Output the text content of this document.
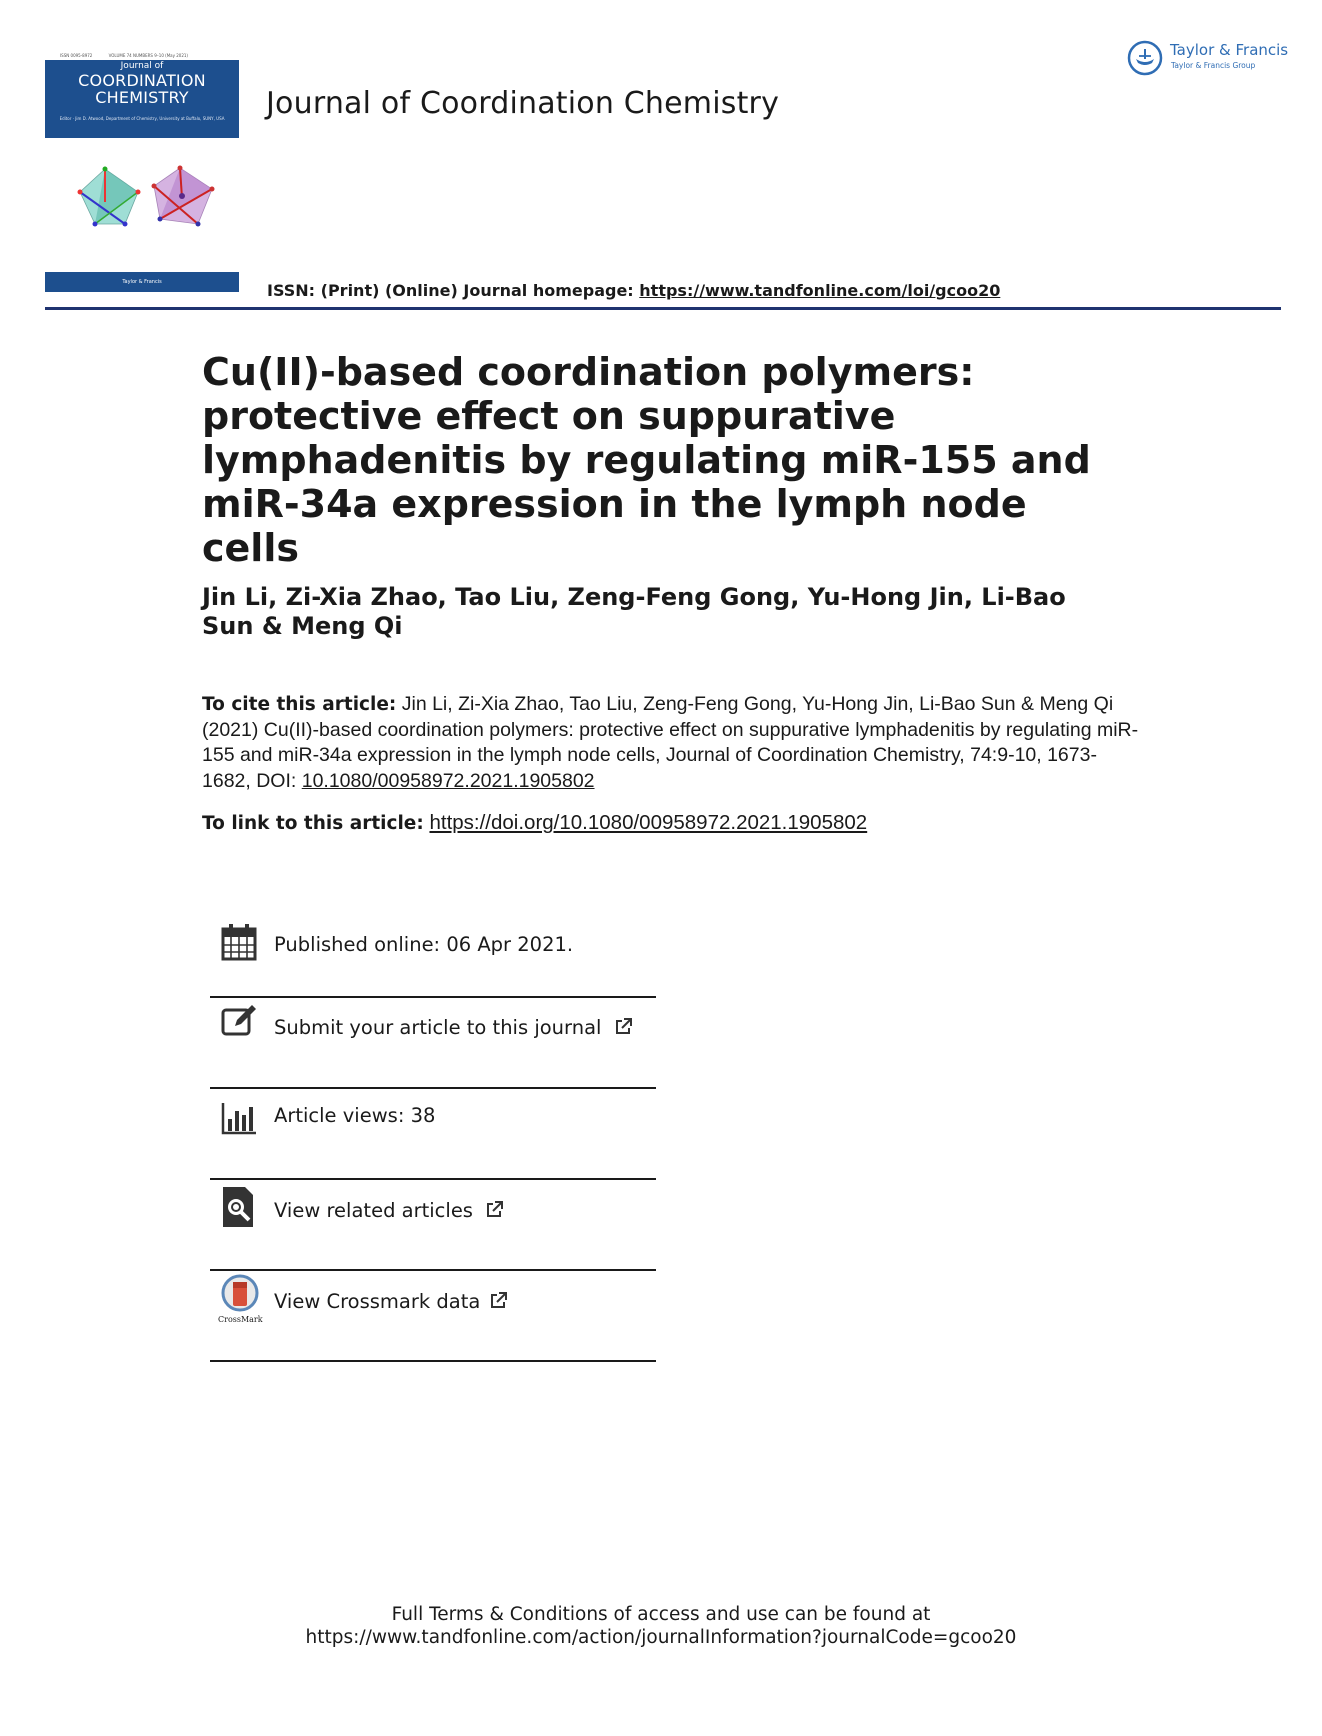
ISSN 0095-8972	VOLUME 74 NUMBERS 9–10 (May 2021)
Journal of
COORDINATION
CHEMISTRY
Editor · Jim D. Atwood, Department of Chemistry, University at Buffalo, SUNY, USA
Taylor & Francis
Journal of Coordination Chemistry
Taylor & Francis
Taylor & Francis Group
ISSN: (Print) (Online) Journal homepage: https://www.tandfonline.com/loi/gcoo20
Cu(II)-based coordination polymers: protective effect on suppurative lymphadenitis by regulating miR-155 and miR-34a expression in the lymph node cells

Jin Li, Zi-Xia Zhao, Tao Liu, Zeng-Feng Gong, Yu-Hong Jin, Li-Bao Sun & Meng Qi

To cite this article: Jin Li, Zi-Xia Zhao, Tao Liu, Zeng-Feng Gong, Yu-Hong Jin, Li-Bao Sun & Meng Qi (2021) Cu(II)-based coordination polymers: protective effect on suppurative lymphadenitis by regulating miR-155 and miR-34a expression in the lymph node cells, Journal of Coordination Chemistry, 74:9-10, 1673-1682, DOI: 10.1080/00958972.2021.1905802

To link to this article: https://doi.org/10.1080/00958972.2021.1905802

Published online: 06 Apr 2021.
Submit your article to this journal
Article views: 38
View related articles
CrossMark
View Crossmark data

Full Terms & Conditions of access and use can be found at
https://www.tandfonline.com/action/journalInformation?journalCode=gcoo20
